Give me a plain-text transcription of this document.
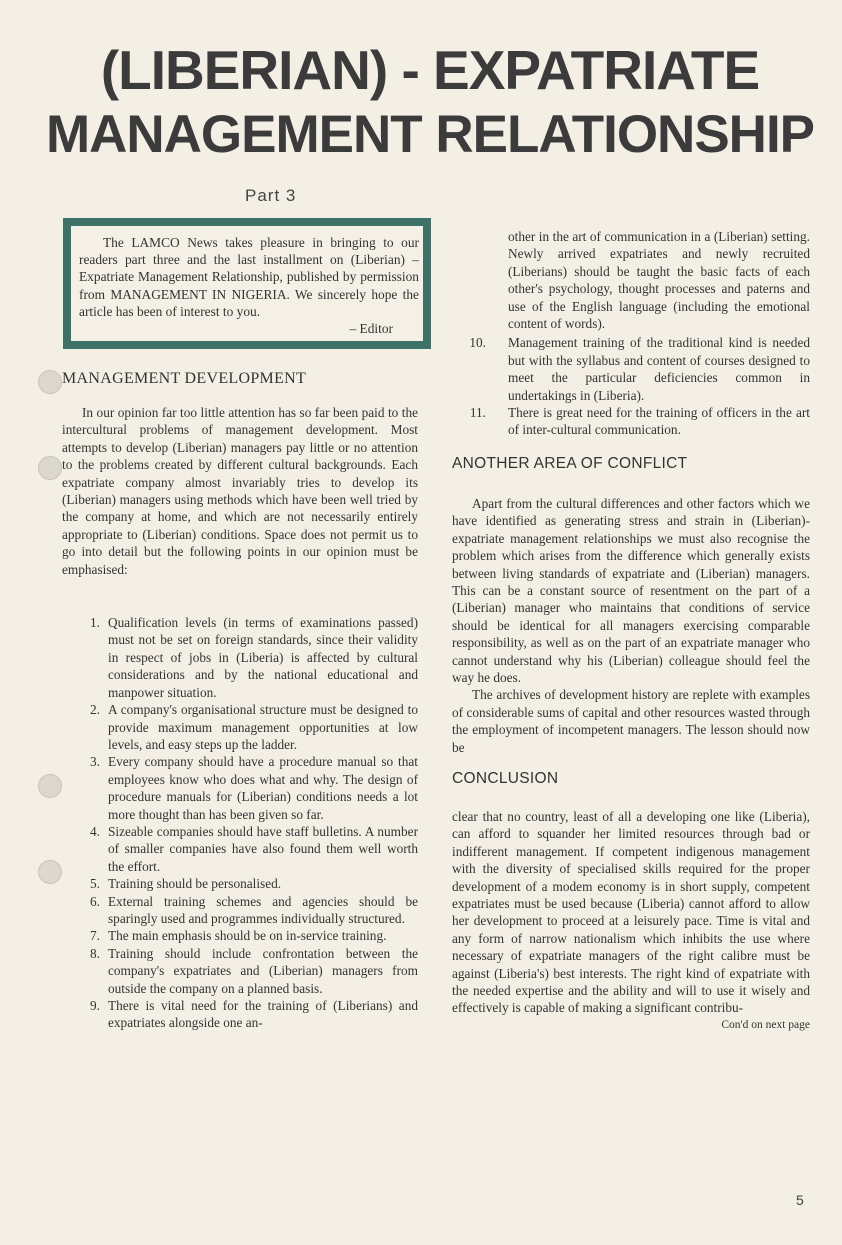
(LIBERIAN) - EXPATRIATE
MANAGEMENT RELATIONSHIP
Part 3

The LAMCO News takes pleasure in bringing to our readers part three and the last installment on (Liberian) – Expatriate Management Relationship, published by permission from MANAGEMENT IN NIGERIA. We sincerely hope the article has been of interest to you.

– Editor
MANAGEMENT DEVELOPMENT

In our opinion far too little attention has so far been paid to the intercultural problems of management development. Most attempts to develop (Liberian) managers pay little or no attention to the problems created by different cultural backgrounds. Each expatriate company almost invariably tries to develop its (Liberian) managers using methods which have been well tried by the company at home, and which are not necessarily entirely appropriate to (Liberian) conditions. Space does not permit us to go into detail but the following points in our opinion must be emphasised:

1. Qualification levels (in terms of examinations passed) must not be set on foreign standards, since their validity in respect of jobs in (Liberia) is affected by cultural considerations and by the national educational and manpower situation.
2. A company's organisational structure must be designed to provide maximum management opportunities at low levels, and easy steps up the ladder.
3. Every company should have a procedure manual so that employees know who does what and why. The design of procedure manuals for (Liberian) conditions needs a lot more thought than has been given so far.
4. Sizeable companies should have staff bulletins. A number of smaller companies have also found them well worth the effort.
5. Training should be personalised.
6. External training schemes and agencies should be sparingly used and programmes individually structured.
7. The main emphasis should be on in-service training.
8. Training should include confrontation between the company's expatriates and (Liberian) managers from outside the company on a planned basis.
9. There is vital need for the training of (Liberians) and expatriates alongside one an-

other in the art of communication in a (Liberian) setting. Newly arrived expatriates and newly recruited (Liberians) should be taught the basic facts of each other's psychology, thought processes and paterns and use of the English language (including the emotional content of words).

10. Management training of the traditional kind is needed but with the syllabus and content of courses designed to meet the particular deficiencies common in undertakings in (Liberia).
11. There is great need for the training of officers in the art of inter-cultural communication.
ANOTHER AREA OF CONFLICT

Apart from the cultural differences and other factors which we have identified as generating stress and strain in (Liberian)-expatriate management relationships we must also recognise the problem which arises from the difference which generally exists between living standards of expatriate and (Liberian) managers. This can be a constant source of resentment on the part of a (Liberian) manager who maintains that conditions of service should be identical for all managers exercising comparable responsibility, as well as on the part of an expatriate manager who cannot understand why his (Liberian) colleague should feel the way he does.

The archives of development history are replete with examples of considerable sums of capital and other resources wasted through the employment of incompetent managers. The lesson should now be

CONCLUSION

clear that no country, least of all a developing one like (Liberia), can afford to squander her limited resources through bad or indifferent management. If competent indigenous management with the diversity of specialised skills required for the proper development of a modem economy is in short supply, competent expatriates must be used because (Liberia) cannot afford to allow her development to proceed at a leisurely pace. Time is vital and any form of narrow nationalism which inhibits the use where necessary of expatriate managers of the right calibre must be against (Liberia's) best interests. The right kind of expatriate with the needed expertise and the ability and will to use it wisely and effectively is capable of making a significant contribu-

Con'd on next page
5
